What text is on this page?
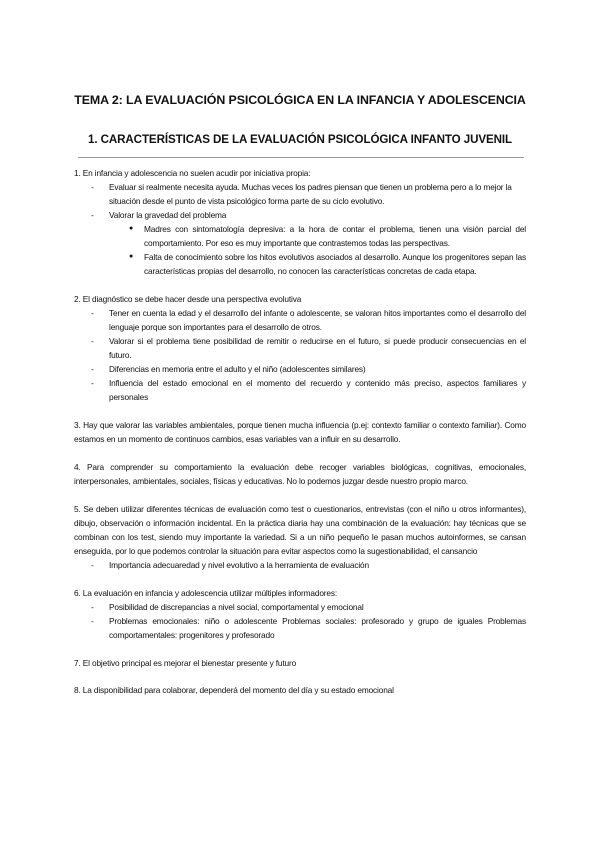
TEMA 2: LA EVALUACIÓN PSICOLÓGICA EN LA INFANCIA Y ADOLESCENCIA
1. CARACTERÍSTICAS DE LA EVALUACIÓN PSICOLÓGICA INFANTO JUVENIL

1. En infancia y adolescencia no suelen acudir por iniciativa propia:

- Evaluar si realmente necesita ayuda. Muchas veces los padres piensan que tienen un problema pero a lo mejor la situación desde el punto de vista psicológico forma parte de su ciclo evolutivo.
- Valorar la gravedad del problema
● Madres con sintomatología depresiva: a la hora de contar el problema, tienen una visión parcial del comportamiento. Por eso es muy importante que contrastemos todas las perspectivas.
● Falta de conocimiento sobre los hitos evolutivos asociados al desarrollo. Aunque los progenitores sepan las características propias del desarrollo, no conocen las características concretas de cada etapa.

2. El diagnóstico se debe hacer desde una perspectiva evolutiva

- Tener en cuenta la edad y el desarrollo del infante o adolescente, se valoran hitos importantes como el desarrollo del lenguaje porque son importantes para el desarrollo de otros.
- Valorar si el problema tiene posibilidad de remitir o reducirse en el futuro, si puede producir consecuencias en el futuro.
- Diferencias en memoria entre el adulto y el niño (adolescentes similares)
- Influencia del estado emocional en el momento del recuerdo y contenido más preciso, aspectos familiares y personales

3. Hay que valorar las variables ambientales, porque tienen mucha influencia (p.ej: contexto familiar o contexto familiar). Como estamos en un momento de continuos cambios, esas variables van a influir en su desarrollo.

4. Para comprender su comportamiento la evaluación debe recoger variables biológicas, cognitivas, emocionales, interpersonales, ambientales, sociales, físicas y educativas. No lo podemos juzgar desde nuestro propio marco.

5. Se deben utilizar diferentes técnicas de evaluación como test o cuestionarios, entrevistas (con el niño u otros informantes), dibujo, observación o información incidental. En la práctica diaria hay una combinación de la evaluación: hay técnicas que se combinan con los test, siendo muy importante la variedad. Si a un niño pequeño le pasan muchos autoinformes, se cansan enseguida, por lo que podemos controlar la situación para evitar aspectos como la sugestionabilidad, el cansancio

- Importancia adecuaredad y nivel evolutivo a la herramienta de evaluación

6. La evaluación en infancia y adolescencia utilizar múltiples informadores:

- Posibilidad de discrepancias a nivel social, comportamental y emocional
- Problemas emocionales: niño o adolescente Problemas sociales: profesorado y grupo de iguales Problemas comportamentales: progenitores y profesorado

7. El objetivo principal es mejorar el bienestar presente y futuro

8. La disponibilidad para colaborar, dependerá del momento del día y su estado emocional
